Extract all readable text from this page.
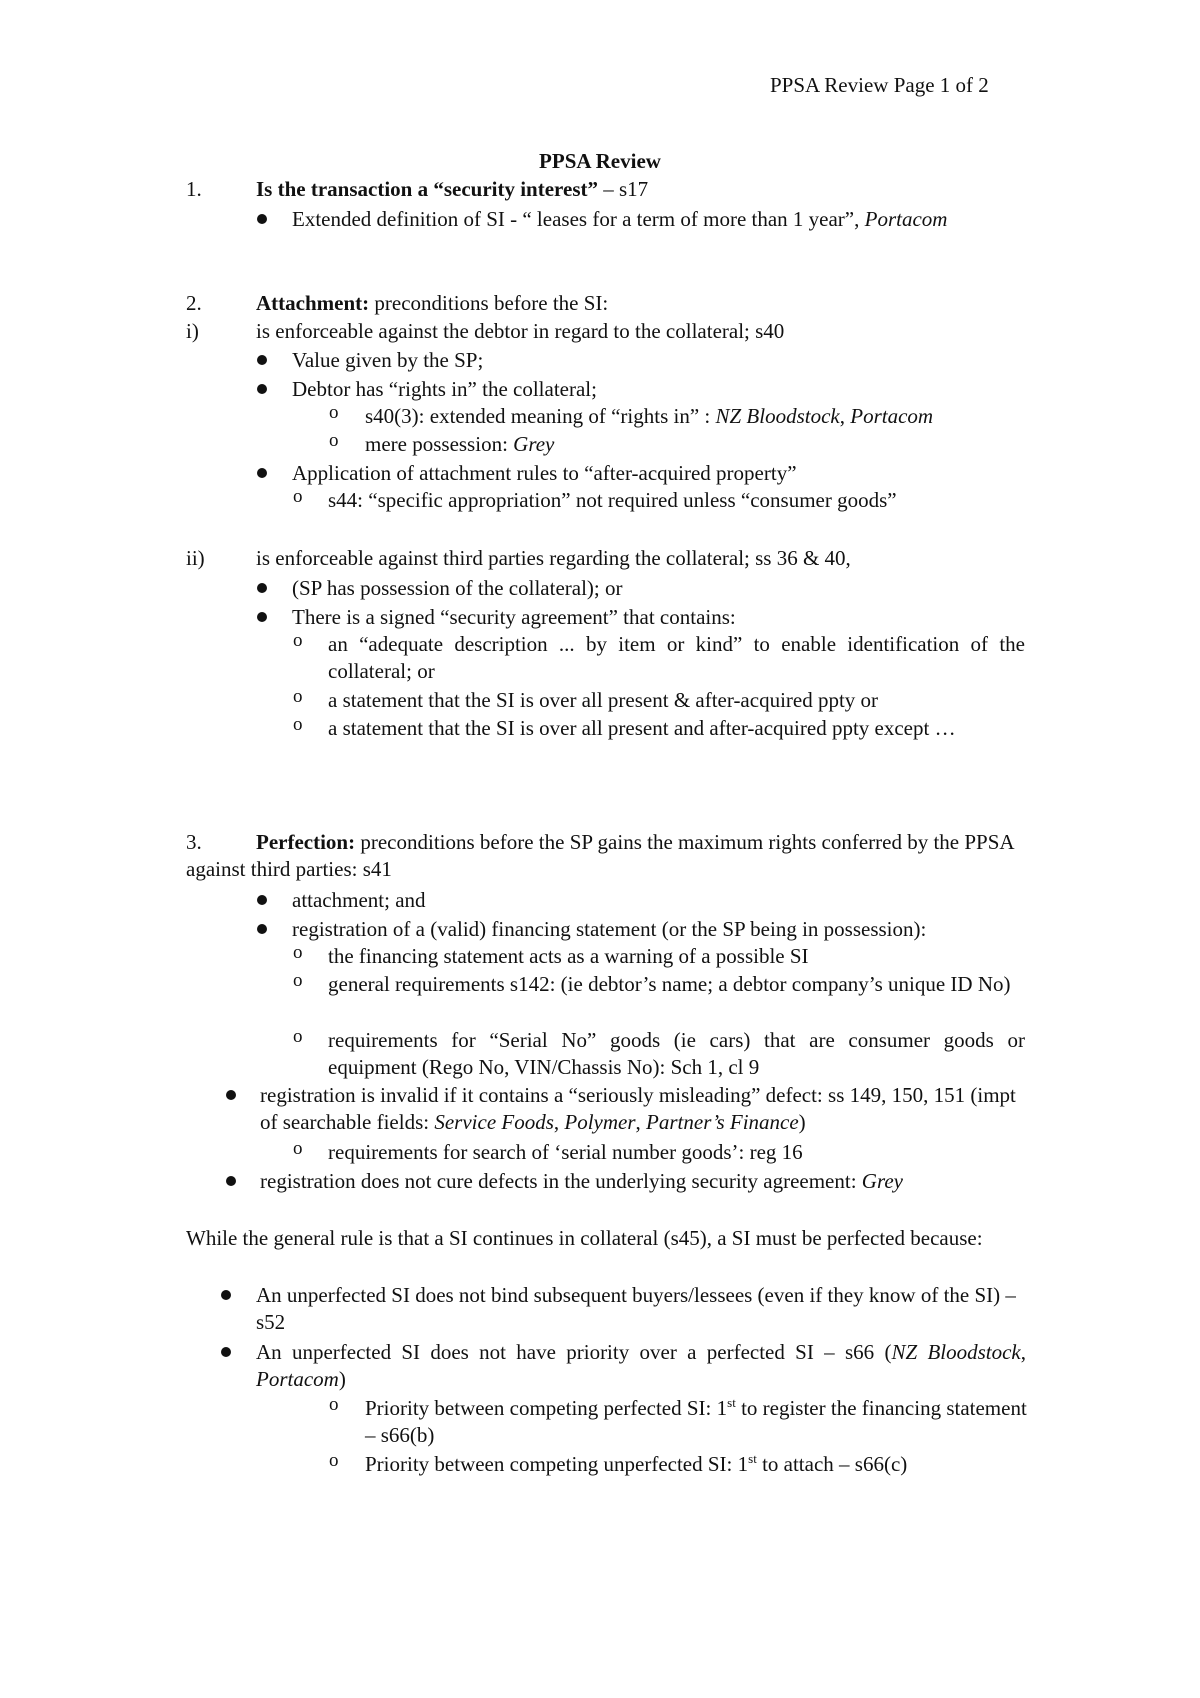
PPSA Review Page 1 of 2
PPSA Review
1.	Is the transaction a “security interest” – s17
Extended definition of SI - “ leases for a term of more than 1 year”, Portacom
2.	Attachment: preconditions before the SI:
i)	is enforceable against the debtor in regard to the collateral; s40
Value given by the SP;
Debtor has “rights in” the collateral;
o s40(3): extended meaning of “rights in” : NZ Bloodstock, Portacom
o mere possession: Grey
Application of attachment rules to “after-acquired property”
o s44: “specific appropriation” not required unless “consumer goods”
ii) is enforceable against third parties regarding the collateral; ss 36 & 40,
(SP has possession of the collateral); or
There is a signed “security agreement” that contains:
o an “adequate description ... by item or kind” to enable identification of the collateral; or
o a statement that the SI is over all present & after-acquired ppty or
o a statement that the SI is over all present and after-acquired ppty except …
3.	Perfection: preconditions before the SP gains the maximum rights conferred by the PPSA against third parties: s41
attachment; and
registration of a (valid) financing statement (or the SP being in possession):
o the financing statement acts as a warning of a possible SI
o general requirements s142: (ie debtor’s name; a debtor company’s unique ID No)
o requirements for “Serial No” goods (ie cars) that are consumer goods or equipment (Rego No, VIN/Chassis No): Sch 1, cl 9
registration is invalid if it contains a “seriously misleading” defect: ss 149, 150, 151 (impt of searchable fields: Service Foods, Polymer, Partner’s Finance)
o requirements for search of ‘serial number goods’: reg 16
registration does not cure defects in the underlying security agreement: Grey
While the general rule is that a SI continues in collateral (s45), a SI must be perfected because:
An unperfected SI does not bind subsequent buyers/lessees (even if they know of the SI) – s52
An unperfected SI does not have priority over a perfected SI – s66 (NZ Bloodstock, Portacom)
o Priority between competing perfected SI: 1st to register the financing statement – s66(b)
o Priority between competing unperfected SI: 1st to attach – s66(c)
